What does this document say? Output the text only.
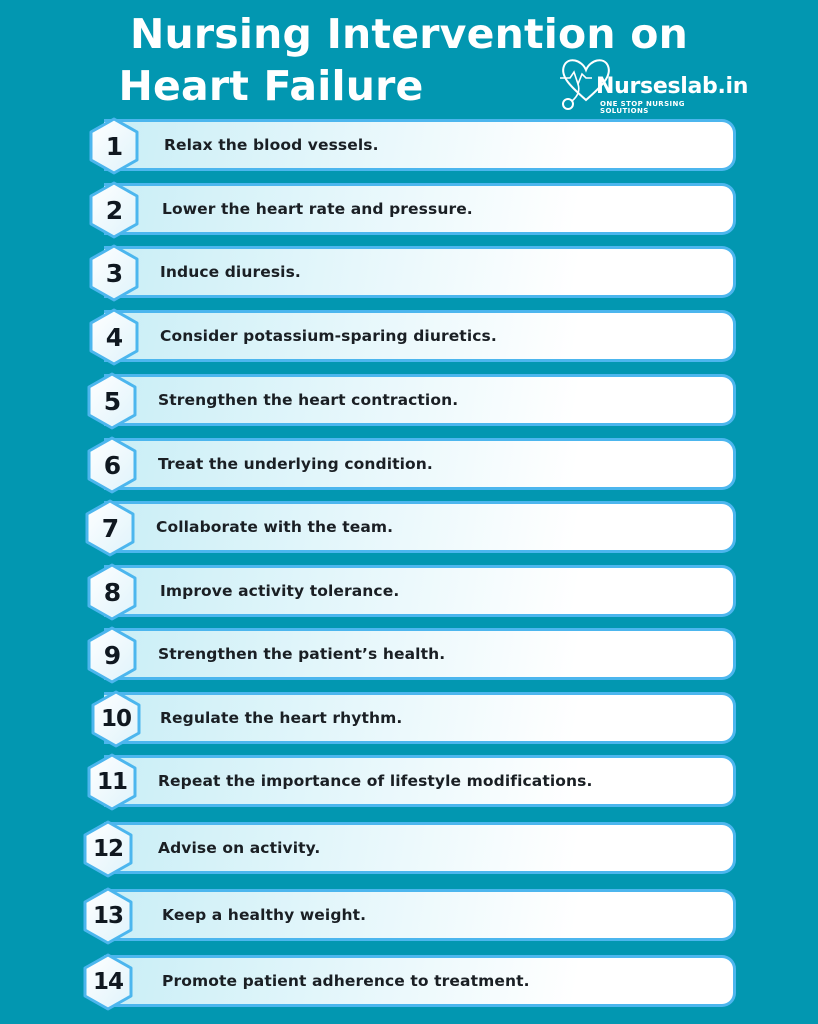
Nursing Intervention on
Heart Failure	Nurseslab.in
ONE STOP NURSING SOLUTIONS
Relax the blood vessels.
1
Lower the heart rate and pressure.
2
Induce diuresis.
3
Consider potassium-sparing diuretics.
4
Strengthen the heart contraction.
5
Treat the underlying condition.
6
Collaborate with the team.
7
Improve activity tolerance.
8
Strengthen the patient’s health.
9
Regulate the heart rhythm.
10
Repeat the importance of lifestyle modifications.
11
Advise on activity.
12
Keep a healthy weight.
13
Promote patient adherence to treatment.
14
